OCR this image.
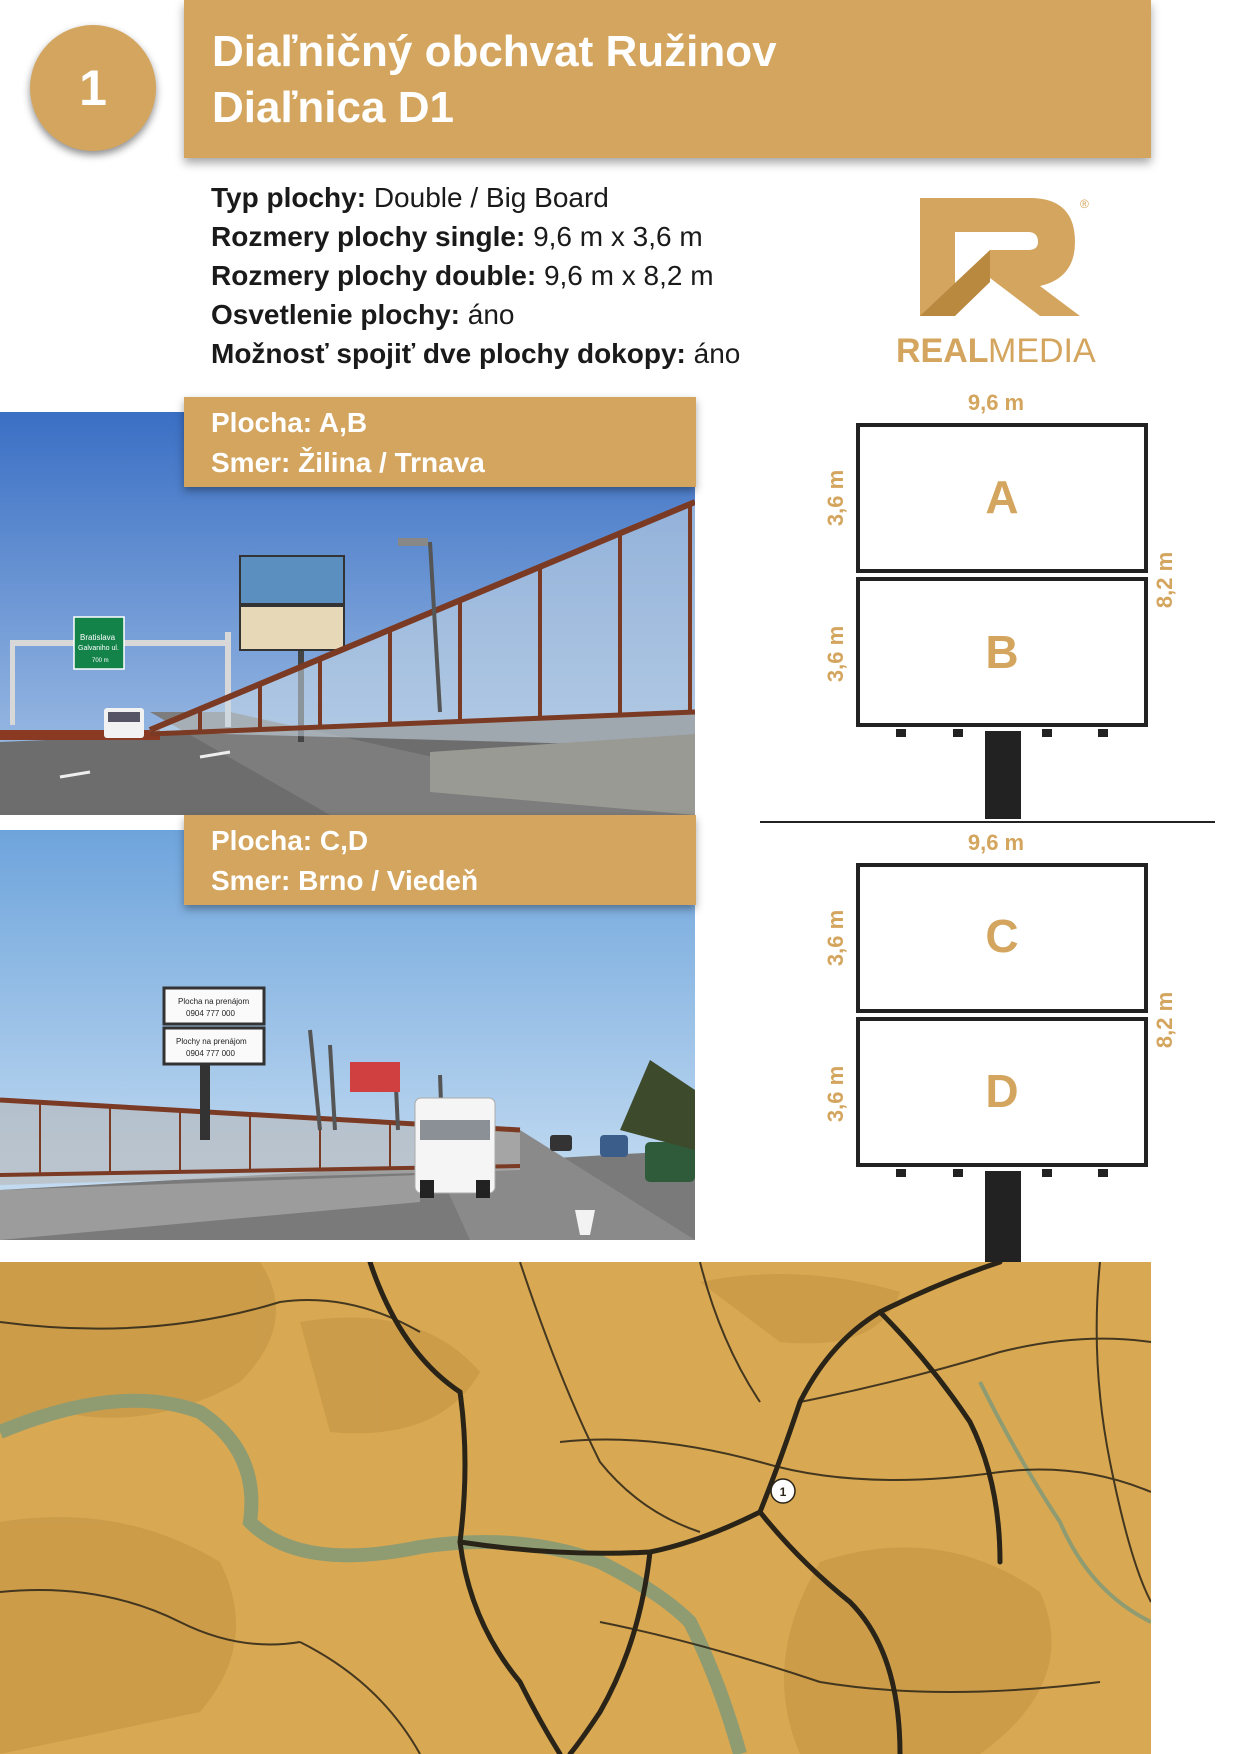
1
Diaľničný obchvat Ružinov
Diaľnica D1
Typ plochy: Double / Big Board
Rozmery plochy single: 9,6 m x 3,6 m
Rozmery plochy double: 9,6 m x 8,2 m
Osvetlenie plochy: áno
Možnosť spojiť dve plochy dokopy: áno
®
REAL MEDIA
Bratislava
Galvaniho ul.
700 m
Plocha: A,B
Smer: Žilina / Trnava
Plocha na prenájom
0904 777 000
Plochy na prenájom
0904 777 000
Plocha: C,D
Smer: Brno / Viedeň
9,6 m
A
B
3,6 m
3,6 m
8,2 m
9,6 m
C
D
3,6 m
3,6 m
8,2 m
1
